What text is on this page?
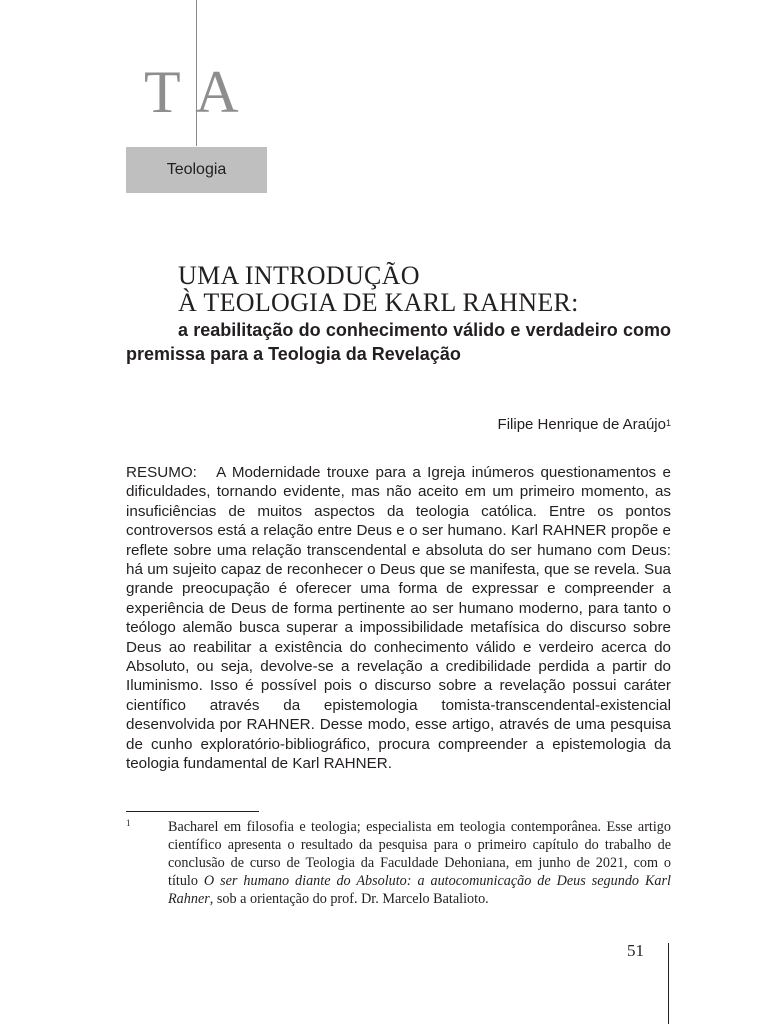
T A
Teologia
UMA INTRODUÇÃO
À TEOLOGIA DE KARL RAHNER:

a reabilitação do conhecimento válido e verdadeiro como premissa para a Teologia da Revelação

Filipe Henrique de Araújo$^1$

RESUMO: A Modernidade trouxe para a Igreja inúmeros questionamentos e dificuldades, tornando evidente, mas não aceito em um primeiro momento, as insuficiências de muitos aspectos da teologia católica. Entre os pontos controversos está a relação entre Deus e o ser humano. Karl RAHNER propõe e reflete sobre uma relação transcendental e absoluta do ser humano com Deus: há um sujeito capaz de reconhecer o Deus que se manifesta, que se revela. Sua grande preocupação é oferecer uma forma de expressar e compreender a experiência de Deus de forma pertinente ao ser humano moderno, para tanto o teólogo alemão busca superar a impossibilidade metafísica do discurso sobre Deus ao reabilitar a existência do conhecimento válido e verdeiro acerca do Absoluto, ou seja, devolve-se a revelação a credibilidade perdida a partir do Iluminismo. Isso é possível pois o discurso sobre a revelação possui caráter científico através da epistemologia tomista-transcendental-existencial desenvolvida por RAHNER. Desse modo, esse artigo, através de uma pesquisa de cunho exploratório-bibliográfico, procura compreender a epistemologia da teologia fundamental de Karl RAHNER.

1	Bacharel em filosofia e teologia; especialista em teologia contemporânea. Esse artigo científico apresenta o resultado da pesquisa para o primeiro capítulo do trabalho de conclusão de curso de Teologia da Faculdade Dehoniana, em junho de 2021, com o título O ser humano diante do Absoluto: a autocomunicação de Deus segundo Karl Rahner, sob a orientação do prof. Dr. Marcelo Batalioto.

51
